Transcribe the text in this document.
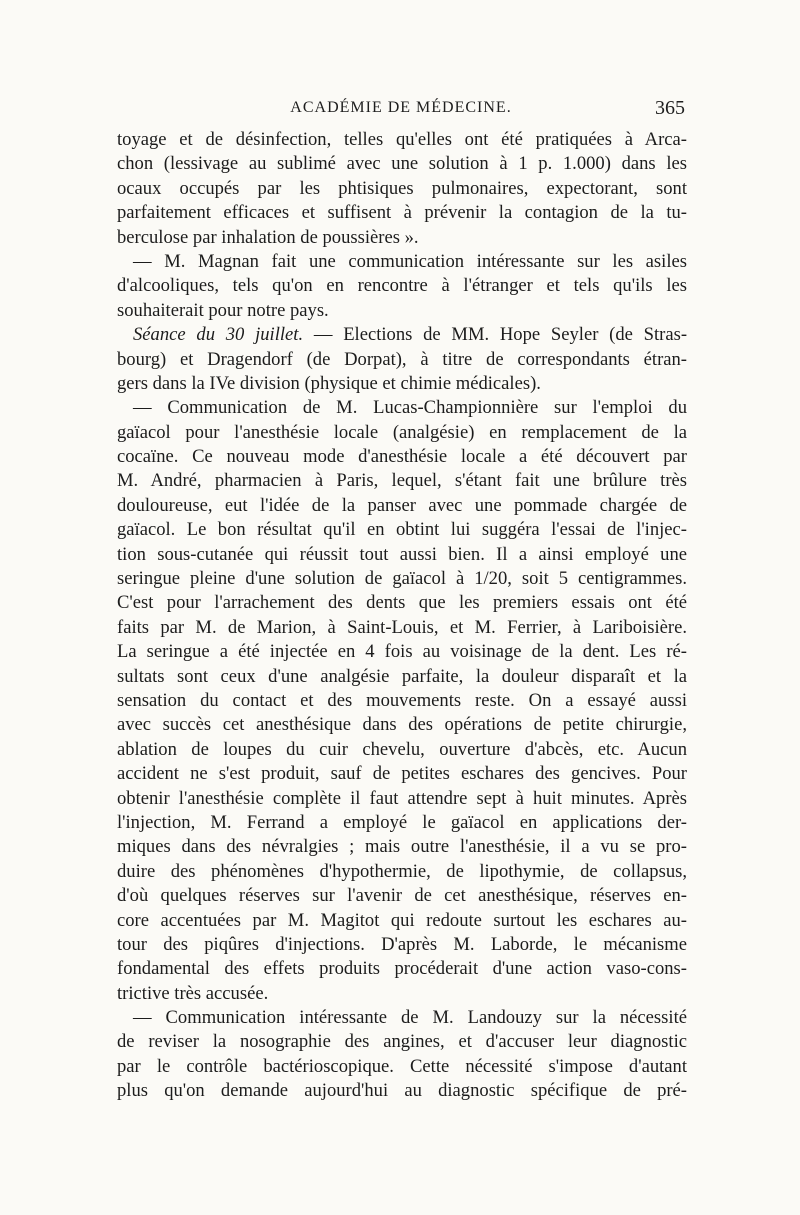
ACADÉMIE DE MÉDECINE.	365
toyage et de désinfection, telles qu'elles ont été pratiquées à Arca-
chon (lessivage au sublimé avec une solution à 1 p. 1.000) dans les
ocaux occupés par les phtisiques pulmonaires, expectorant, sont
parfaitement efficaces et suffisent à prévenir la contagion de la tu-
berculose par inhalation de poussières ».
— M. Magnan fait une communication intéressante sur les asiles
d'alcooliques, tels qu'on en rencontre à l'étranger et tels qu'ils les
souhaiterait pour notre pays.
Séance du 30 juillet. — Elections de MM. Hope Seyler (de Stras-
bourg) et Dragendorf (de Dorpat), à titre de correspondants étran-
gers dans la IVe division (physique et chimie médicales).
— Communication de M. Lucas-Championnière sur l'emploi du
gaïacol pour l'anesthésie locale (analgésie) en remplacement de la
cocaïne. Ce nouveau mode d'anesthésie locale a été découvert par
M. André, pharmacien à Paris, lequel, s'étant fait une brûlure très
douloureuse, eut l'idée de la panser avec une pommade chargée de
gaïacol. Le bon résultat qu'il en obtint lui suggéra l'essai de l'injec-
tion sous-cutanée qui réussit tout aussi bien. Il a ainsi employé une
seringue pleine d'une solution de gaïacol à 1/20, soit 5 centigrammes.
C'est pour l'arrachement des dents que les premiers essais ont été
faits par M. de Marion, à Saint-Louis, et M. Ferrier, à Lariboisière.
La seringue a été injectée en 4 fois au voisinage de la dent. Les ré-
sultats sont ceux d'une analgésie parfaite, la douleur disparaît et la
sensation du contact et des mouvements reste. On a essayé aussi
avec succès cet anesthésique dans des opérations de petite chirurgie,
ablation de loupes du cuir chevelu, ouverture d'abcès, etc. Aucun
accident ne s'est produit, sauf de petites eschares des gencives. Pour
obtenir l'anesthésie complète il faut attendre sept à huit minutes. Après
l'injection, M. Ferrand a employé le gaïacol en applications der-
miques dans des névralgies ; mais outre l'anesthésie, il a vu se pro-
duire des phénomènes d'hypothermie, de lipothymie, de collapsus,
d'où quelques réserves sur l'avenir de cet anesthésique, réserves en-
core accentuées par M. Magitot qui redoute surtout les eschares au-
tour des piqûres d'injections. D'après M. Laborde, le mécanisme
fondamental des effets produits procéderait d'une action vaso-cons-
trictive très accusée.
— Communication intéressante de M. Landouzy sur la nécessité
de reviser la nosographie des angines, et d'accuser leur diagnostic
par le contrôle bactérioscopique. Cette nécessité s'impose d'autant
plus qu'on demande aujourd'hui au diagnostic spécifique de pré-
